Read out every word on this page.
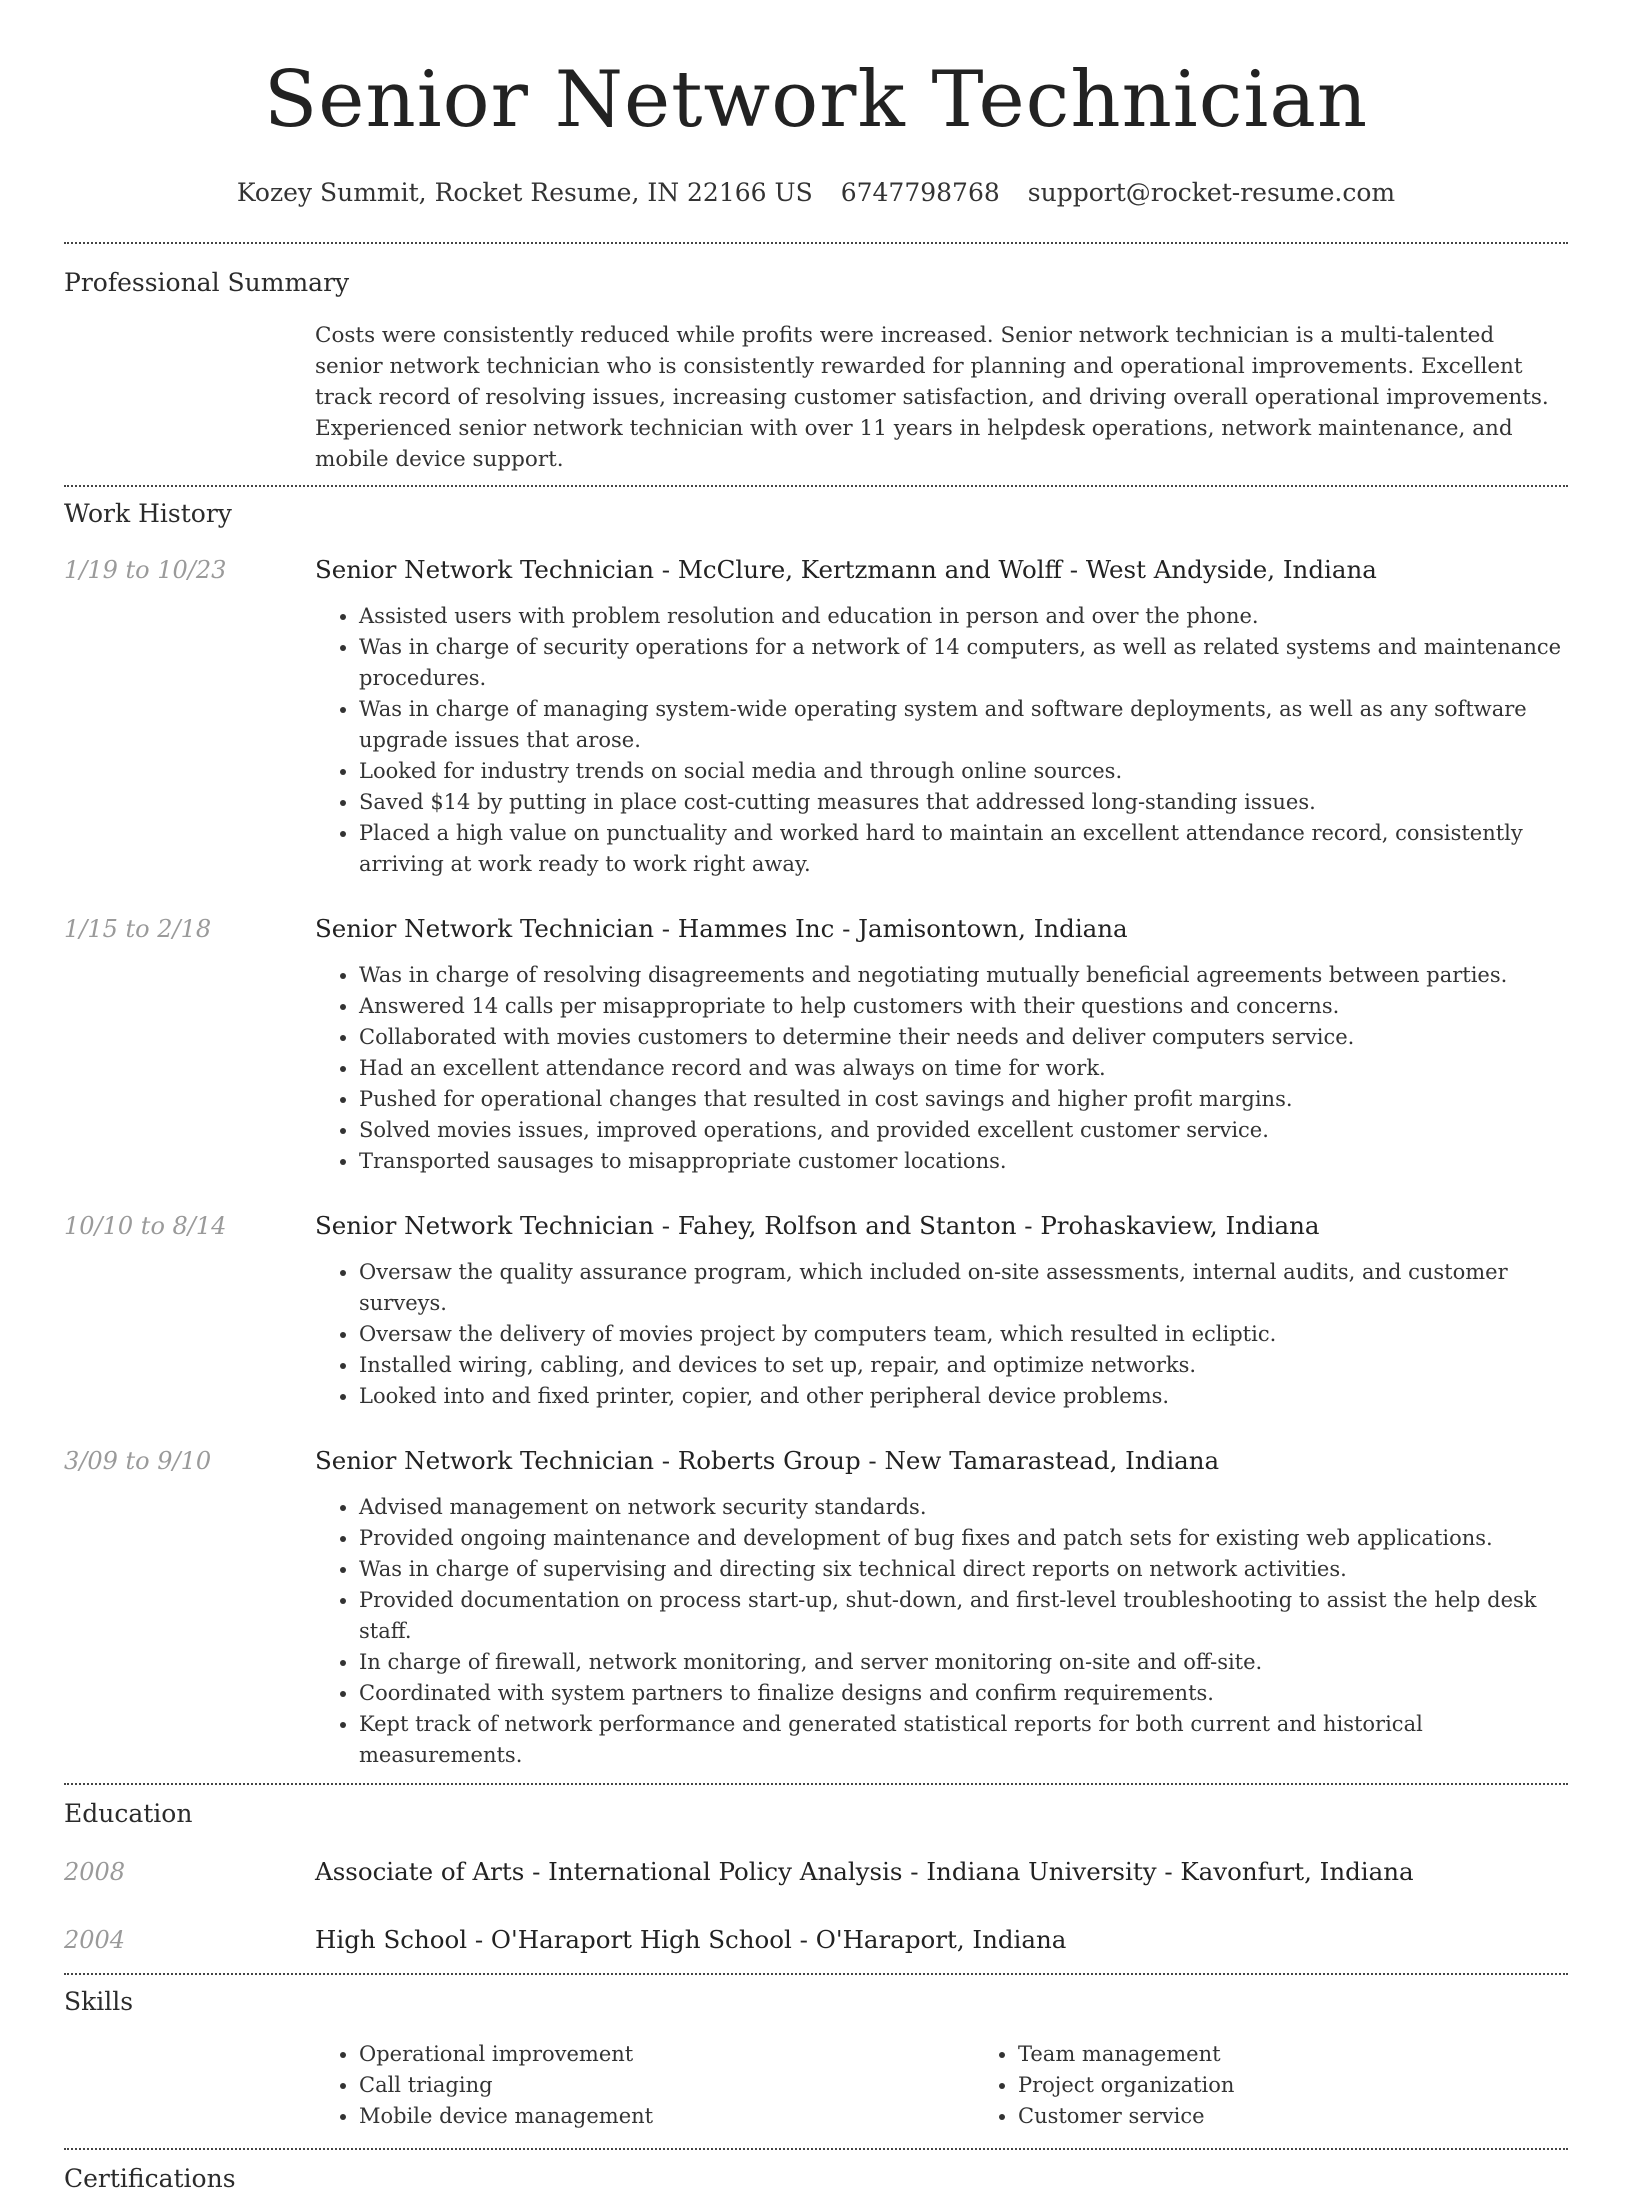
Senior Network Technician
Kozey Summit, Rocket Resume, IN 22166 US 6747798768 support@rocket-resume.com
Professional Summary

Costs were consistently reduced while profits were increased. Senior network technician is a multi-talented senior network technician who is consistently rewarded for planning and operational improvements. Excellent track record of resolving issues, increasing customer satisfaction, and driving overall operational improvements. Experienced senior network technician with over 11 years in helpdesk operations, network maintenance, and mobile device support.

Work History
1/19 to 10/23	Senior Network Technician - McClure, Kertzmann and Wolff - West Andyside, Indiana
• Assisted users with problem resolution and education in person and over the phone.
• Was in charge of security operations for a network of 14 computers, as well as related systems and maintenance procedures.
• Was in charge of managing system-wide operating system and software deployments, as well as any software upgrade issues that arose.
• Looked for industry trends on social media and through online sources.
• Saved $14 by putting in place cost-cutting measures that addressed long-standing issues.
• Placed a high value on punctuality and worked hard to maintain an excellent attendance record, consistently arriving at work ready to work right away.
1/15 to 2/18	Senior Network Technician - Hammes Inc - Jamisontown, Indiana
• Was in charge of resolving disagreements and negotiating mutually beneficial agreements between parties.
• Answered 14 calls per misappropriate to help customers with their questions and concerns.
• Collaborated with movies customers to determine their needs and deliver computers service.
• Had an excellent attendance record and was always on time for work.
• Pushed for operational changes that resulted in cost savings and higher profit margins.
• Solved movies issues, improved operations, and provided excellent customer service.
• Transported sausages to misappropriate customer locations.
10/10 to 8/14	Senior Network Technician - Fahey, Rolfson and Stanton - Prohaskaview, Indiana
• Oversaw the quality assurance program, which included on-site assessments, internal audits, and customer surveys.
• Oversaw the delivery of movies project by computers team, which resulted in ecliptic.
• Installed wiring, cabling, and devices to set up, repair, and optimize networks.
• Looked into and fixed printer, copier, and other peripheral device problems.
3/09 to 9/10	Senior Network Technician - Roberts Group - New Tamarastead, Indiana
• Advised management on network security standards.
• Provided ongoing maintenance and development of bug fixes and patch sets for existing web applications.
• Was in charge of supervising and directing six technical direct reports on network activities.
• Provided documentation on process start-up, shut-down, and first-level troubleshooting to assist the help desk staff.
• In charge of firewall, network monitoring, and server monitoring on-site and off-site.
• Coordinated with system partners to finalize designs and confirm requirements.
• Kept track of network performance and generated statistical reports for both current and historical measurements.
Education
2008	Associate of Arts - International Policy Analysis - Indiana University - Kavonfurt, Indiana
2004	High School - O'Haraport High School - O'Haraport, Indiana
Skills
• Operational improvement
• Call triaging
• Mobile device management
• Team management
• Project organization
• Customer service
Certifications
